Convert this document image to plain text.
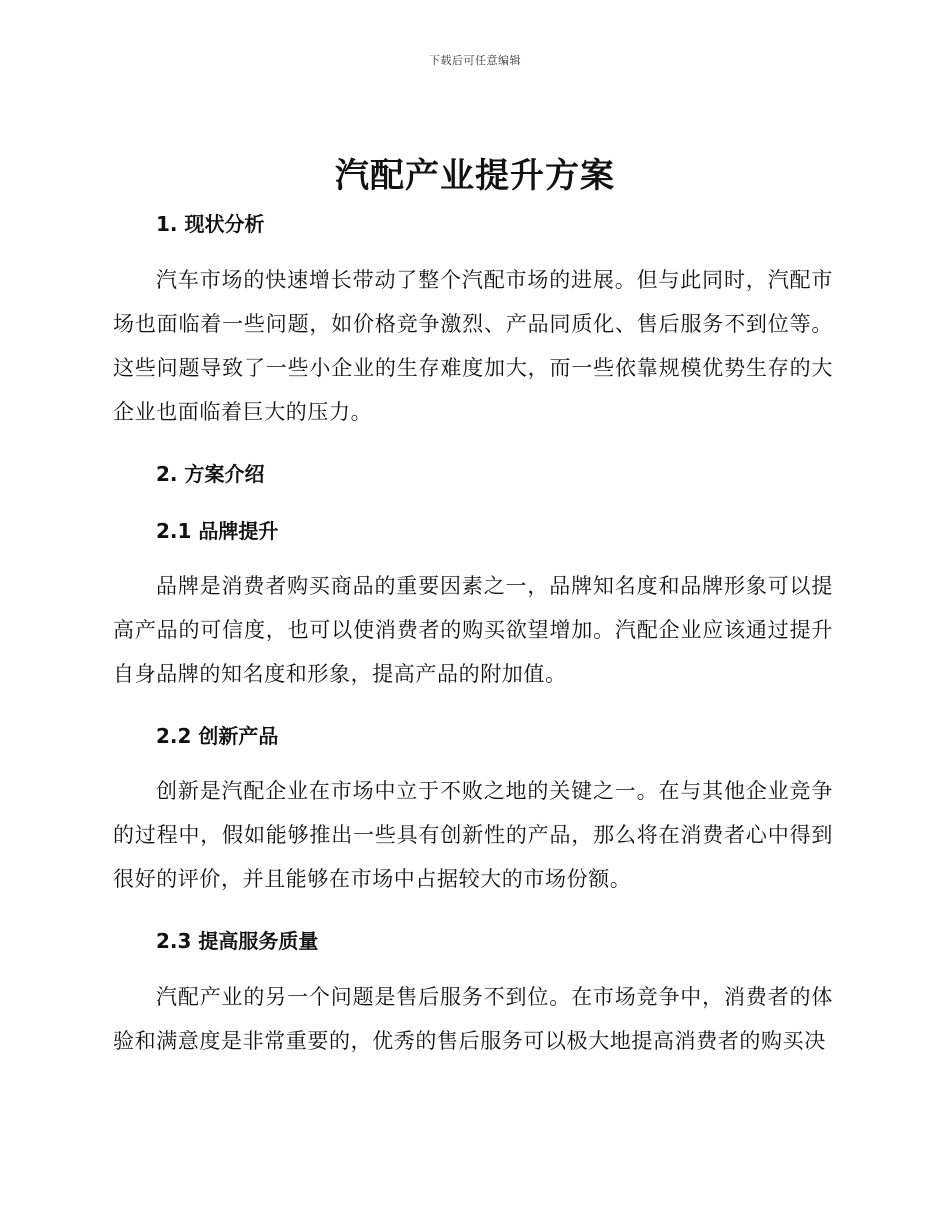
下载后可任意编辑
汽配产业提升方案
1. 现状分析

汽车市场的快速增长带动了整个汽配市场的进展。但与此同时，汽配市场也面临着一些问题，如价格竞争激烈、产品同质化、售后服务不到位等。这些问题导致了一些小企业的生存难度加大，而一些依靠规模优势生存的大企业也面临着巨大的压力。

2. 方案介绍
2.1 品牌提升

品牌是消费者购买商品的重要因素之一，品牌知名度和品牌形象可以提高产品的可信度，也可以使消费者的购买欲望增加。汽配企业应该通过提升自身品牌的知名度和形象，提高产品的附加值。

2.2 创新产品

创新是汽配企业在市场中立于不败之地的关键之一。在与其他企业竞争的过程中，假如能够推出一些具有创新性的产品，那么将在消费者心中得到很好的评价，并且能够在市场中占据较大的市场份额。

2.3 提高服务质量

汽配产业的另一个问题是售后服务不到位。在市场竞争中，消费者的体验和满意度是非常重要的，优秀的售后服务可以极大地提高消费者的购买决
